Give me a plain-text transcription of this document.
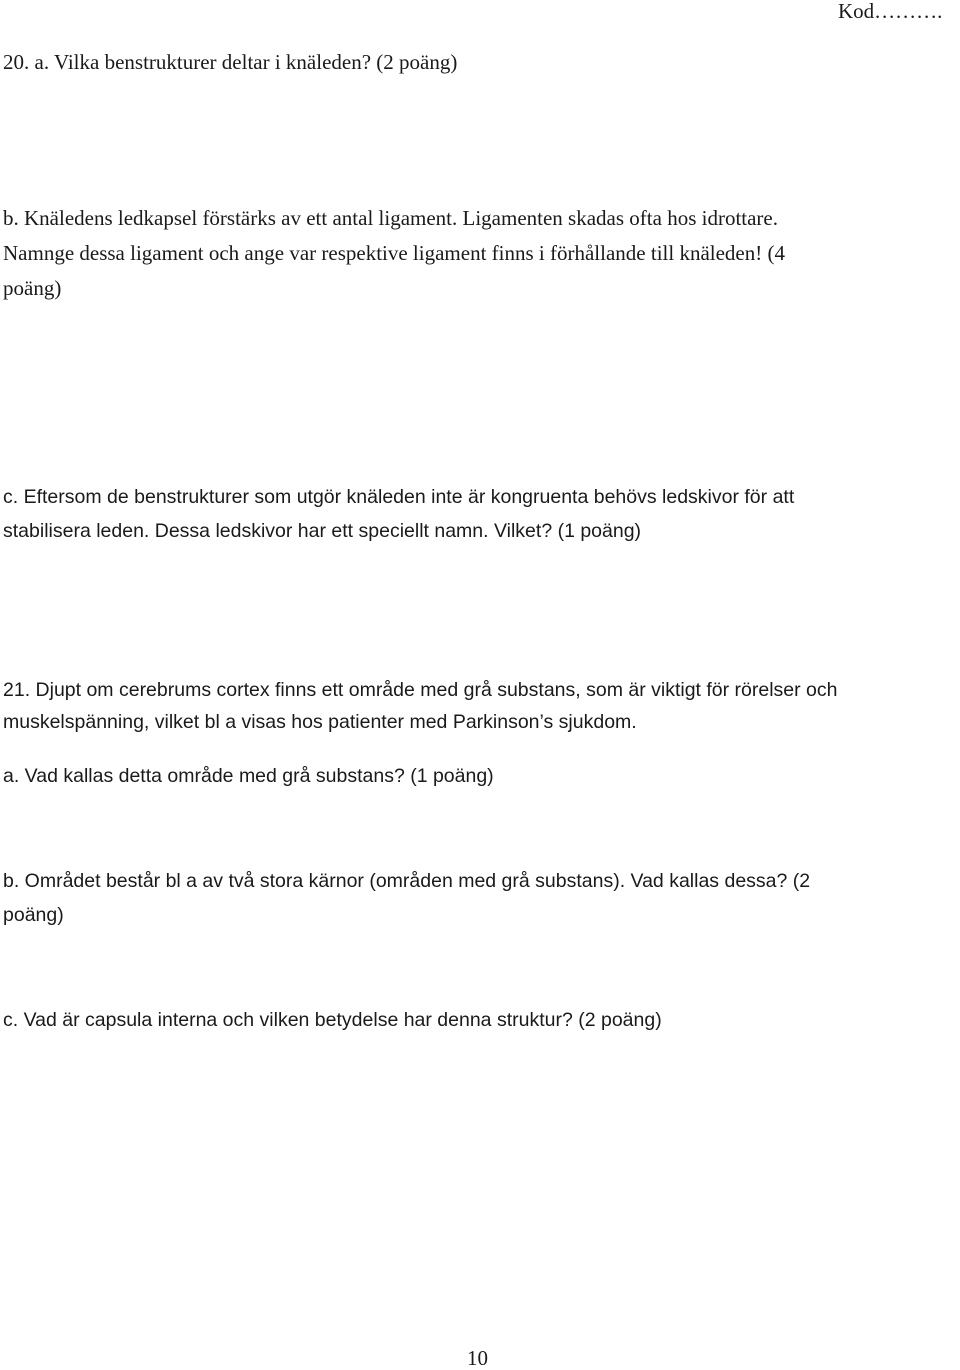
Kod……….
20. a. Vilka benstrukturer deltar i knäleden? (2 poäng)
b. Knäledens ledkapsel förstärks av ett antal ligament. Ligamenten skadas ofta hos idrottare.
Namnge dessa ligament och ange var respektive ligament finns i förhållande till knäleden! (4
poäng)
c. Eftersom de benstrukturer som utgör knäleden inte är kongruenta behövs ledskivor för att
stabilisera leden. Dessa ledskivor har ett speciellt namn. Vilket? (1 poäng)
21. Djupt om cerebrums cortex finns ett område med grå substans, som är viktigt för rörelser och
muskelspänning, vilket bl a visas hos patienter med Parkinson’s sjukdom.
a. Vad kallas detta område med grå substans? (1 poäng)
b. Området består bl a av två stora kärnor (områden med grå substans). Vad kallas dessa? (2
poäng)
c. Vad är capsula interna och vilken betydelse har denna struktur? (2 poäng)
10
